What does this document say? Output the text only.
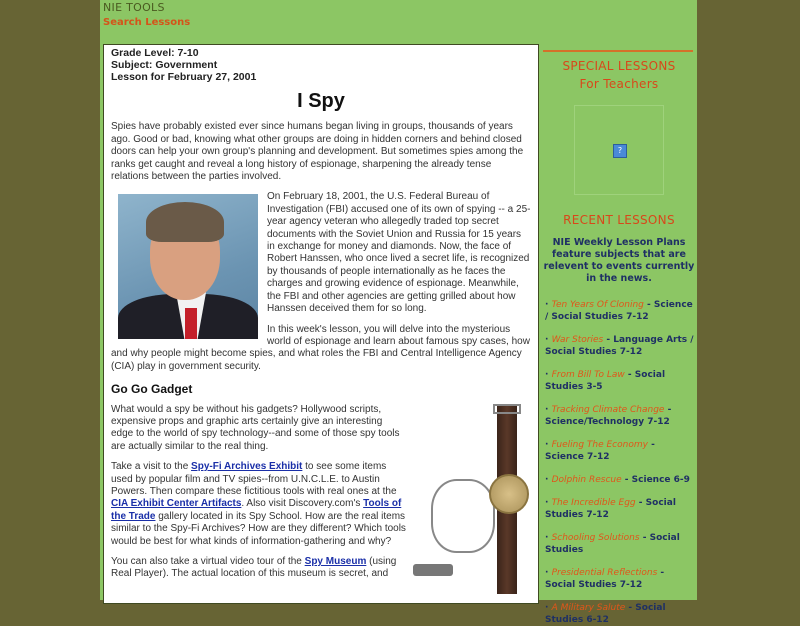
NIE TOOLS
Search Lessons
Grade Level: 7-10
Subject: Government
Lesson for February 27, 2001
I Spy

Spies have probably existed ever since humans began living in groups, thousands of years ago. Good or bad, knowing what other groups are doing in hidden corners and behind closed doors can help your own group's planning and development. But sometimes spies among the ranks get caught and reveal a long history of espionage, sharpening the already tense relations between the parties involved.

On February 18, 2001, the U.S. Federal Bureau of Investigation (FBI) accused one of its own of spying -- a 25-year agency veteran who allegedly traded top secret documents with the Soviet Union and Russia for 15 years in exchange for money and diamonds. Now, the face of Robert Hanssen, who once lived a secret life, is recognized by thousands of people internationally as he faces the charges and growing evidence of espionage. Meanwhile, the FBI and other agencies are getting grilled about how Hanssen deceived them for so long.

In this week's lesson, you will delve into the mysterious world of espionage and learn about famous spy cases, how and why people might become spies, and what roles the FBI and Central Intelligence Agency (CIA) play in government security.

Go Go Gadget

What would a spy be without his gadgets? Hollywood scripts, expensive props and graphic arts certainly give an interesting edge to the world of spy technology--and some of those spy tools are actually similar to the real thing.

Take a visit to the Spy-Fi Archives Exhibit to see some items used by popular film and TV spies--from U.N.C.L.E. to Austin Powers. Then compare these fictitious tools with real ones at the CIA Exhibit Center Artifacts. Also visit Discovery.com's Tools of the Trade gallery located in its Spy School. How are the real items similar to the Spy-Fi Archives? How are they different? Which tools would be best for what kinds of information-gathering and why?

You can also take a virtual video tour of the Spy Museum (using Real Player). The actual location of this museum is secret, and

SPECIAL LESSONS
For Teachers
?
RECENT LESSONS
NIE Weekly Lesson Plans feature subjects that are relevent to events currently in the news.
· Ten Years Of Cloning - Science / Social Studies 7-12
· War Stories - Language Arts / Social Studies 7-12
· From Bill To Law - Social Studies 3-5
· Tracking Climate Change - Science/Technology 7-12
· Fueling The Economy - Science 7-12
· Dolphin Rescue - Science 6-9
· The Incredible Egg - Social Studies 7-12
· Schooling Solutions - Social Studies
· Presidential Reflections - Social Studies 7-12
· A Military Salute - Social Studies 6-12
